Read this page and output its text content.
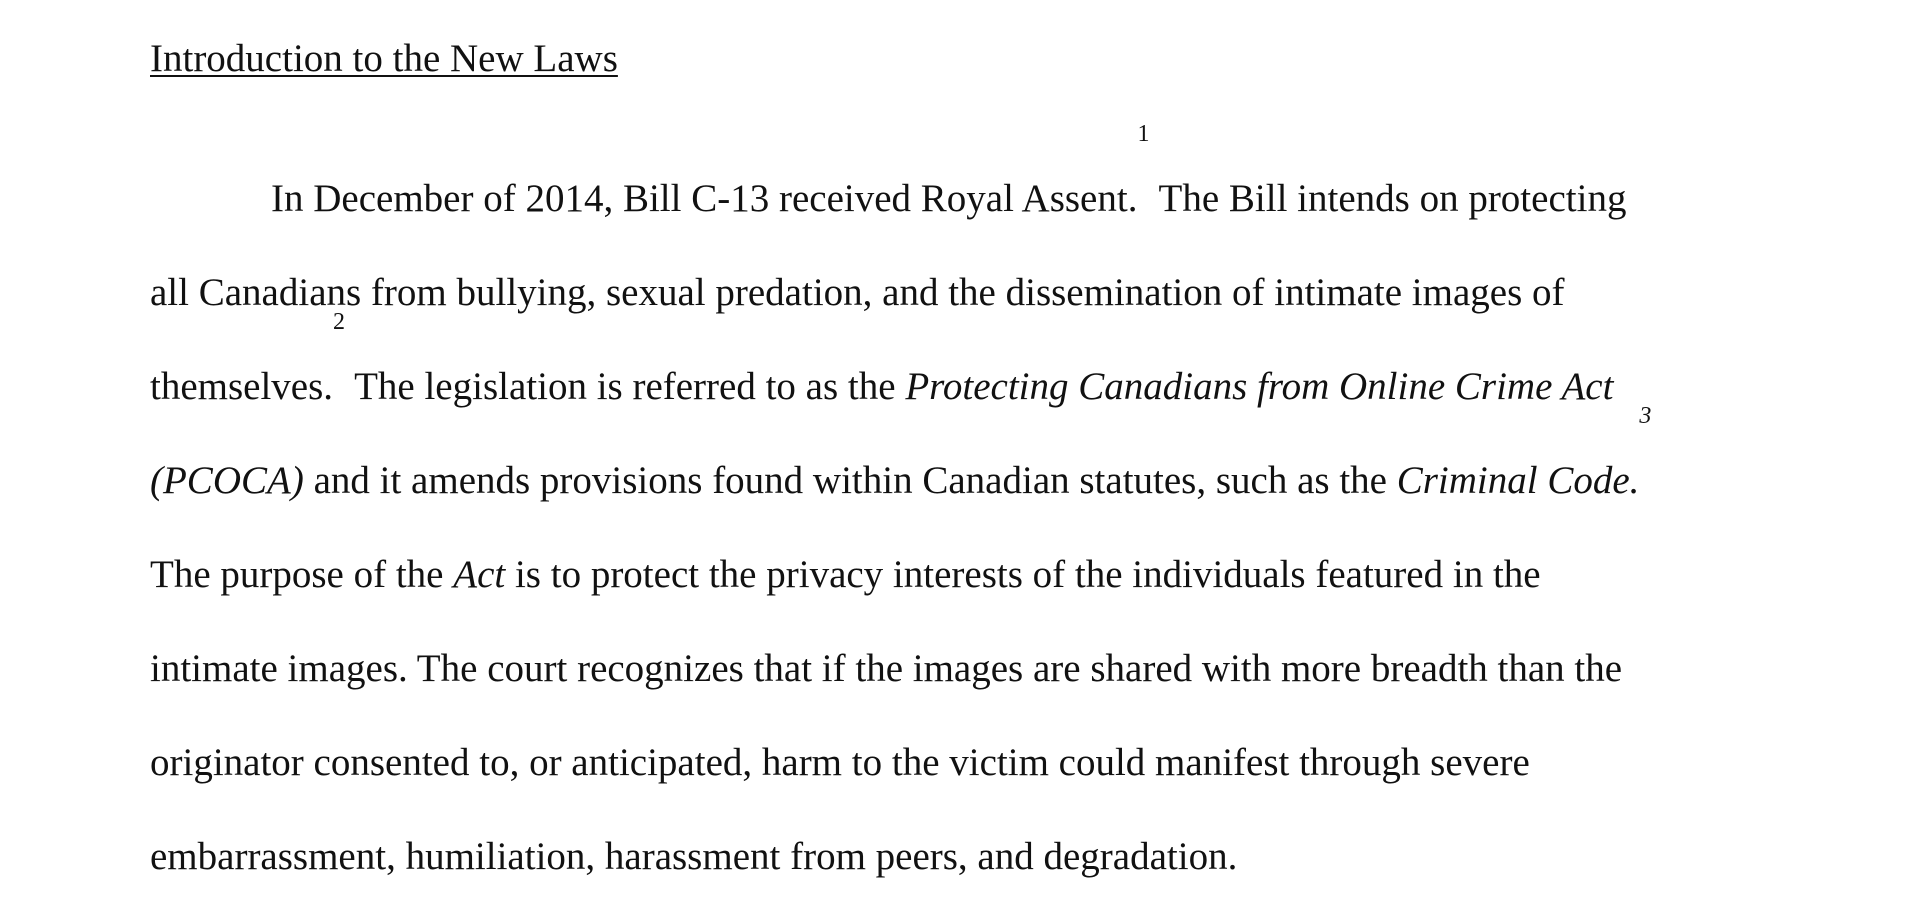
Introduction to the New Laws
In December of 2014, Bill C-13 received Royal Assent.$^1$ The Bill intends on protecting
all Canadians from bullying, sexual predation, and the dissemination of intimate images of
themselves.$^2$ The legislation is referred to as the Protecting Canadians from Online Crime Act
(PCOCA) and it amends provisions found within Canadian statutes, such as the Criminal Code.$^3$
The purpose of the Act is to protect the privacy interests of the individuals featured in the
intimate images. The court recognizes that if the images are shared with more breadth than the
originator consented to, or anticipated, harm to the victim could manifest through severe
embarrassment, humiliation, harassment from peers, and degradation.
